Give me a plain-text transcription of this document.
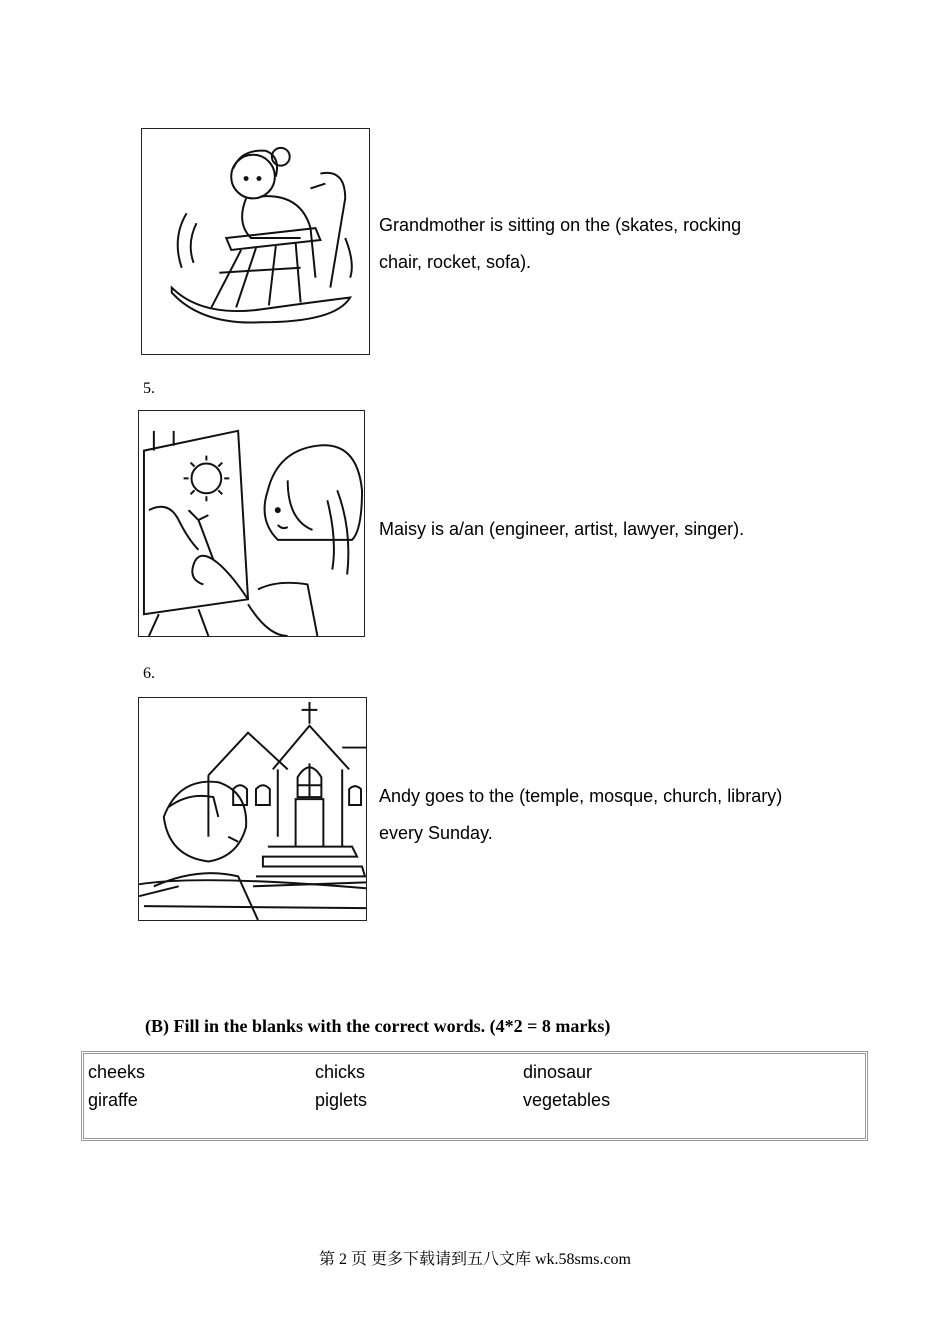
Grandmother is sitting on the (skates, rocking
chair, rocket, sofa).
5.
Maisy is a/an (engineer, artist, lawyer, singer).
6.
Andy goes to the (temple, mosque, church, library)
every Sunday.
(B) Fill in the blanks with the correct words. (4*2 = 8 marks)
cheeks	chicks	dinosaur
giraffe	piglets	vegetables
第 2 页 更多下载请到五八文库 wk.58sms.com
